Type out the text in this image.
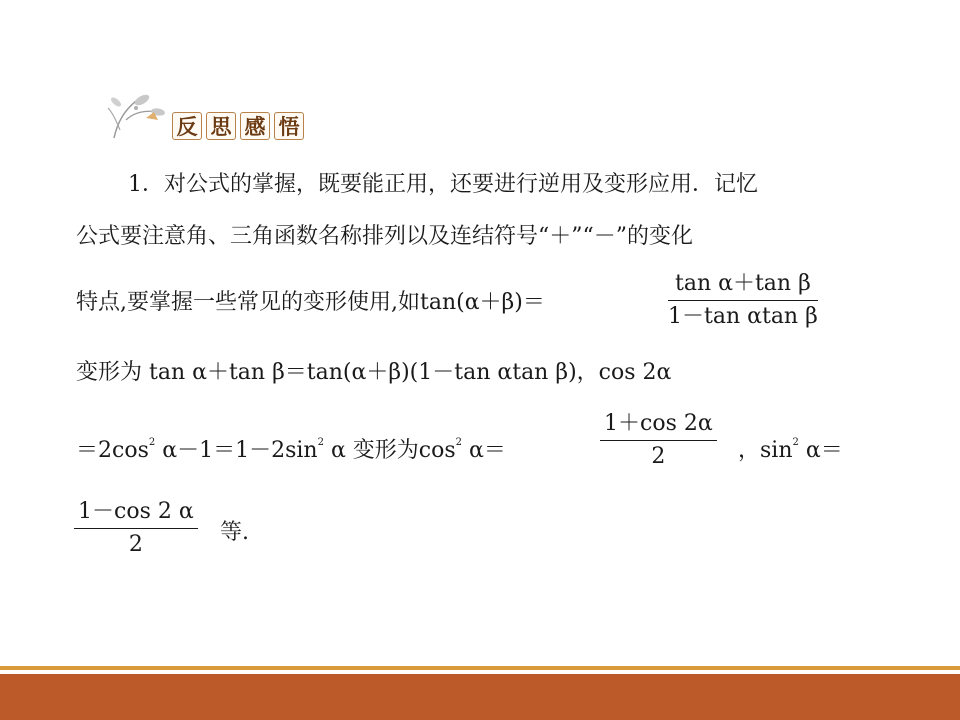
反 思 感 悟
1．对公式的掌握，既要能正用，还要进行逆用及变形应用．记忆
公式要注意角、三角函数名称排列以及连结符号“＋”“－”的变化
特点,要掌握一些常见的变形使用,如tan(α＋β)＝	$\frac{\text{tan α＋tan β}}{\text{1－tan αtan β}}$
变形为 tan α＋tan β＝tan(α＋β)(1－tan αtan β)，cos 2α
$=2\cos^2$ $\alpha-1=1-2\sin^2$ α 变形为$\cos^2 \alpha=$	$\frac{1+\cos 2\alpha}{2}$ ，$\sin^2 \alpha=$
$\frac{1-\cos 2 \alpha}{2}$ 等.
